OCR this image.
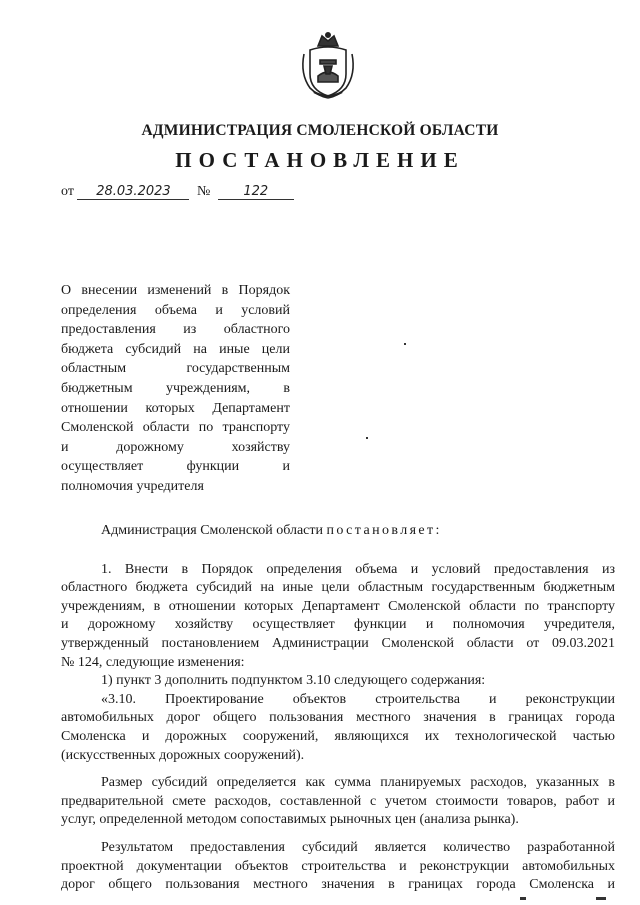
АДМИНИСТРАЦИЯ СМОЛЕНСКОЙ ОБЛАСТИ
ПОСТАНОВЛЕНИЕ
от 28.03.2023 №	122
О внесении изменений в Порядок
определения объема и условий
предоставления из областного
бюджета субсидий на иные цели
областным государственным
бюджетным учреждениям, в
отношении которых Департамент
Смоленской области по транспорту
и дорожному хозяйству
осуществляет функции и
полномочия учредителя
Администрация Смоленской области постановляет:
1. Внести в Порядок определения объема и условий предоставления из
областного бюджета субсидий на иные цели областным государственным бюджетным
учреждениям, в отношении которых Департамент Смоленской области по транспорту
и дорожному хозяйству осуществляет функции и полномочия учредителя,
утвержденный постановлением Администрации Смоленской области от 09.03.2021
№ 124, следующие изменения:
1) пункт 3 дополнить подпунктом 3.10 следующего содержания:
«3.10. Проектирование объектов строительства и реконструкции
автомобильных дорог общего пользования местного значения в границах города
Смоленска и дорожных сооружений, являющихся их технологической частью
(искусственных дорожных сооружений).
Размер субсидий определяется как сумма планируемых расходов, указанных в
предварительной смете расходов, составленной с учетом стоимости товаров, работ и
услуг, определенной методом сопоставимых рыночных цен (анализа рынка).
Результатом предоставления субсидий является количество разработанной
проектной документации объектов строительства и реконструкции автомобильных
дорог общего пользования местного значения в границах города Смоленска и
